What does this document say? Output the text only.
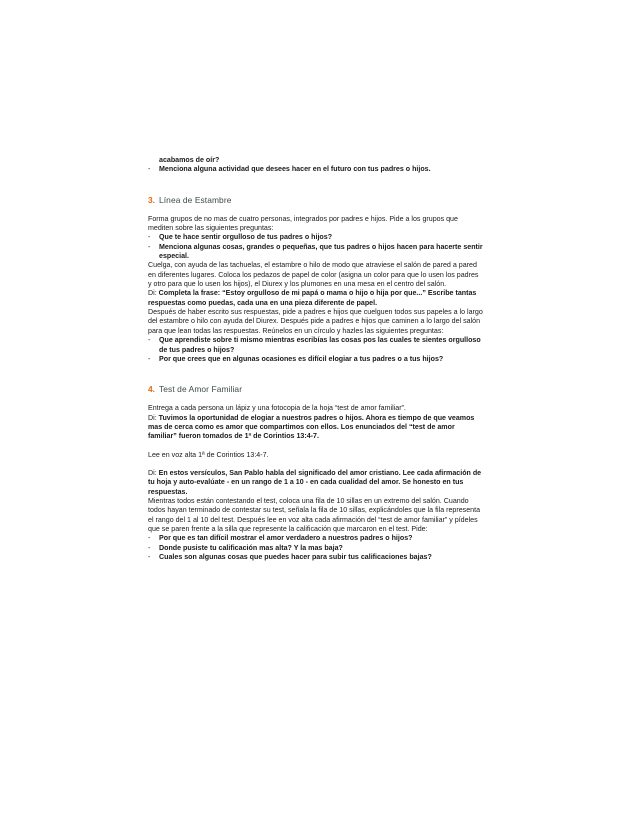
acabamos de oír?

- Menciona alguna actividad que desees hacer en el futuro con tus padres o hijos.
3. Línea de Estambre

Forma grupos de no mas de cuatro personas, integrados por padres e hijos. Pide a los grupos que mediten sobre las siguientes preguntas:

- Que te hace sentir orgulloso de tus padres o hijos?
- Menciona algunas cosas, grandes o pequeñas, que tus padres o hijos hacen para hacerte sentir especial.

Cuelga, con ayuda de las tachuelas, el estambre o hilo de modo que atraviese el salón de pared a pared en diferentes lugares. Coloca los pedazos de papel de color (asigna un color para que lo usen los padres y otro para que lo usen los hijos), el Diurex y los plumones en una mesa en el centro del salón.

Di: Completa la frase: “Estoy orgulloso de mi papá o mama o hijo o hija por que...” Escribe tantas respuestas como puedas, cada una en una pieza diferente de papel.

Después de haber escrito sus respuestas, pide a padres e hijos que cuelguen todos sus papeles a lo largo del estambre o hilo con ayuda del Diurex. Después pide a padres e hijos que caminen a lo largo del salón para que lean todas las respuestas. Reúnelos en un círculo y hazles las siguientes preguntas:

- Que aprendiste sobre ti mismo mientras escribías las cosas pos las cuales te sientes orgulloso de tus padres o hijos?
- Por que crees que en algunas ocasiones es difícil elogiar a tus padres o a tus hijos?
4. Test de Amor Familiar

Entrega a cada persona un lápiz y una fotocopia de la hoja “test de amor familiar”.

Di: Tuvimos la oportunidad de elogiar a nuestros padres o hijos. Ahora es tiempo de que veamos mas de cerca como es amor que compartimos con ellos. Los enunciados del “test de amor familiar” fueron tomados de 1ª de Corintios 13:4-7.

Lee en voz alta 1ª de Corintios 13:4-7.

Di: En estos versículos, San Pablo habla del significado del amor cristiano. Lee cada afirmación de tu hoja y auto-evalúate - en un rango de 1 a 10 - en cada cualidad del amor. Se honesto en tus respuestas.

Mientras todos están contestando el test, coloca una fila de 10 sillas en un extremo del salón. Cuando todos hayan terminado de contestar su test, señala la fila de 10 sillas, explicándoles que la fila representa el rango del 1 al 10 del test. Después lee en voz alta cada afirmación del “test de amor familiar” y pídeles que se paren frente a la silla que represente la calificación que marcaron en el test. Pide:

- Por que es tan difícil mostrar el amor verdadero a nuestros padres o hijos?
- Donde pusiste tu calificación mas alta? Y la mas baja?
- Cuales son algunas cosas que puedes hacer para subir tus calificaciones bajas?
